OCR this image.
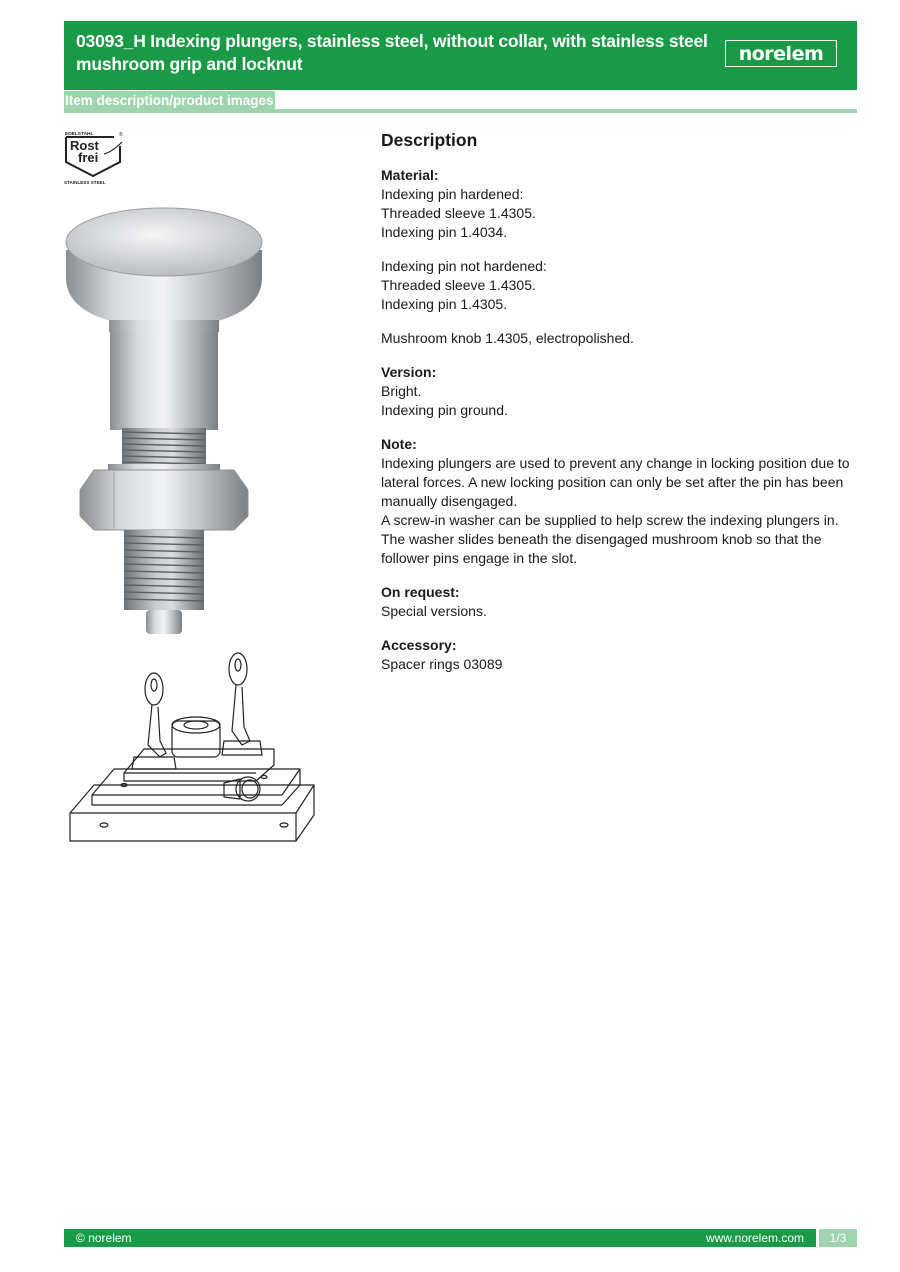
03093_H Indexing plungers, stainless steel, without collar, with stainless steel mushroom grip and locknut	norelem
Item description/product images
EDELSTAHL	®
Rost
frei
STAINLESS STEEL
Description

Material:

Indexing pin hardened:

Threaded sleeve 1.4305.

Indexing pin 1.4034.

Indexing pin not hardened:

Threaded sleeve 1.4305.

Indexing pin 1.4305.

Mushroom knob 1.4305, electropolished.

Version:

Bright.

Indexing pin ground.

Note:

Indexing plungers are used to prevent any change in locking position due to lateral forces. A new locking position can only be set after the pin has been manually disengaged.

A screw-in washer can be supplied to help screw the indexing plungers in. The washer slides beneath the disengaged mushroom knob so that the follower pins engage in the slot.

On request:

Special versions.

Accessory:

Spacer rings 03089

© norelem	www.norelem.com	1/3
